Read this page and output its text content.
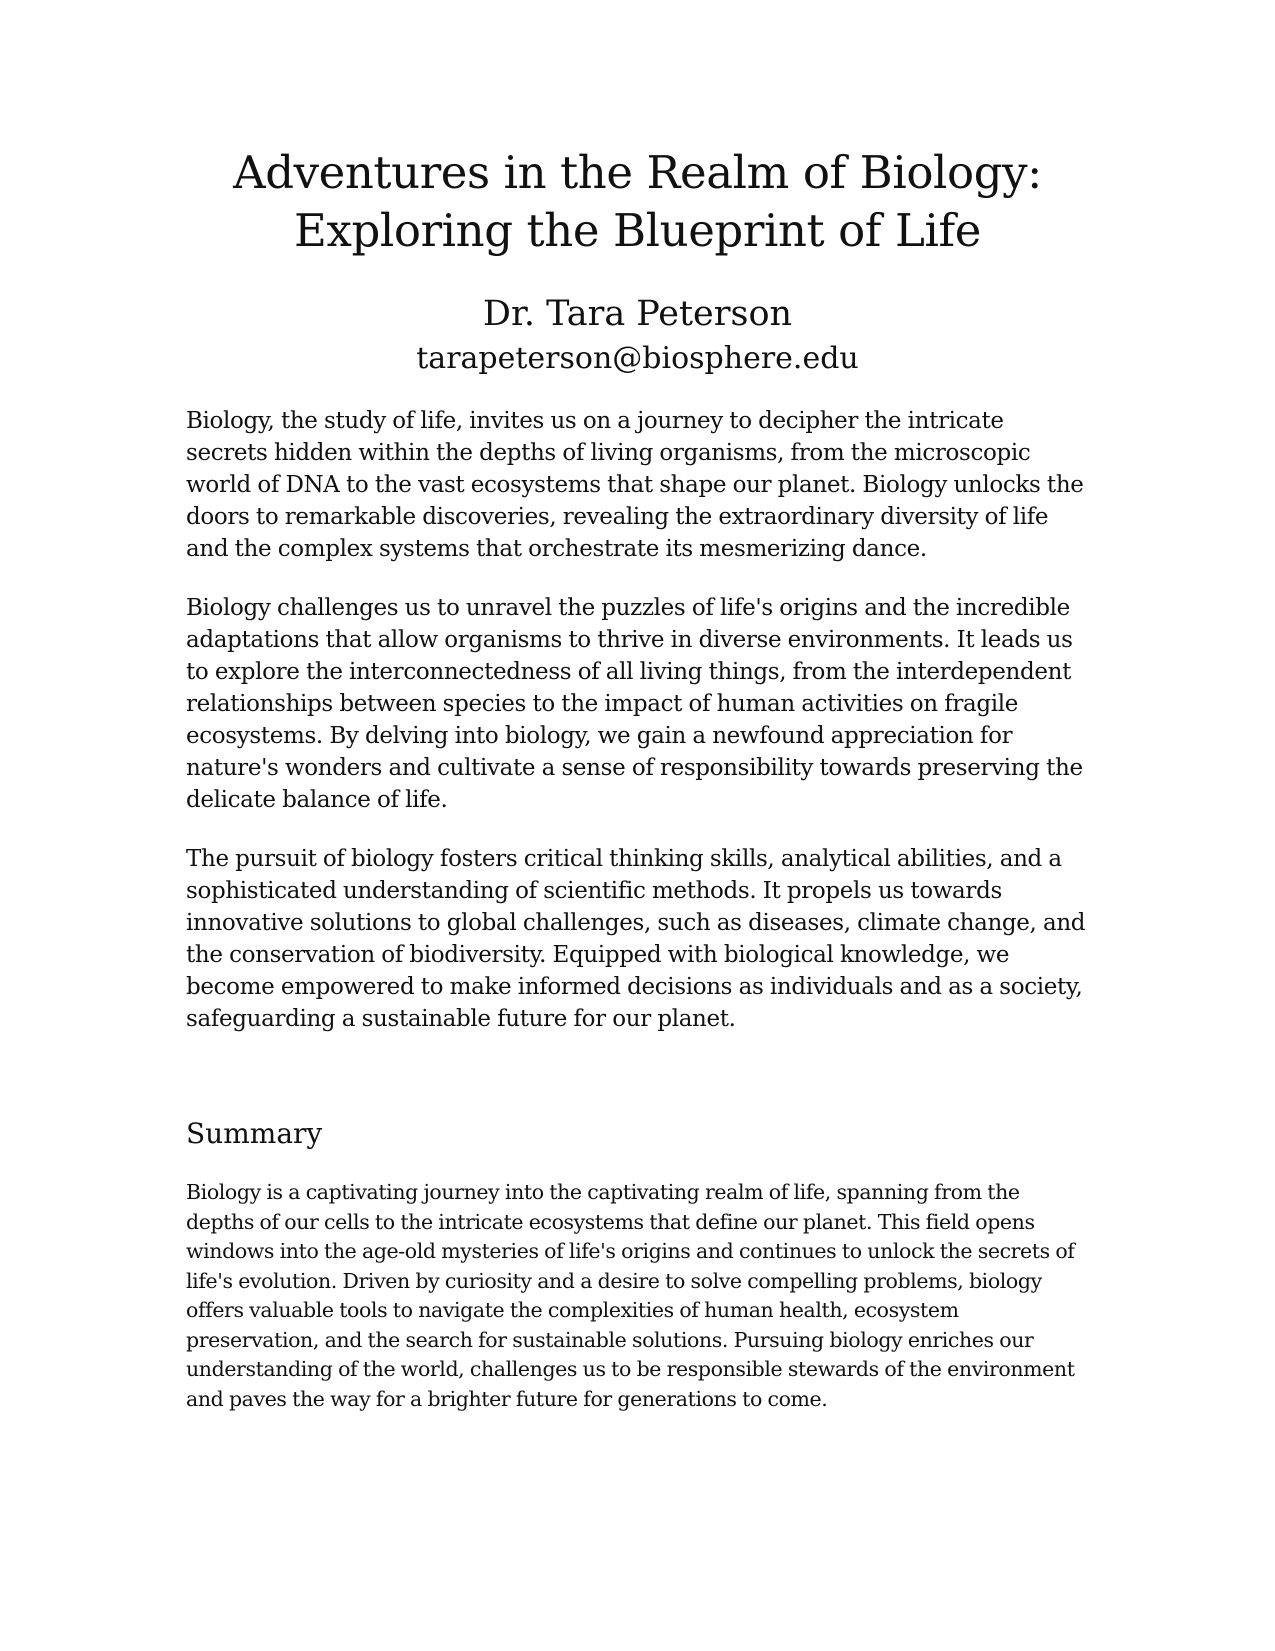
Adventures in the Realm of Biology:
Exploring the Blueprint of Life

Dr. Tara Peterson

tarapeterson@biosphere.edu

Biology, the study of life, invites us on a journey to decipher the intricate secrets hidden within the depths of living organisms, from the microscopic world of DNA to the vast ecosystems that shape our planet. Biology unlocks the doors to remarkable discoveries, revealing the extraordinary diversity of life and the complex systems that orchestrate its mesmerizing dance.

Biology challenges us to unravel the puzzles of life's origins and the incredible adaptations that allow organisms to thrive in diverse environments. It leads us to explore the interconnectedness of all living things, from the interdependent relationships between species to the impact of human activities on fragile ecosystems. By delving into biology, we gain a newfound appreciation for nature's wonders and cultivate a sense of responsibility towards preserving the delicate balance of life.

The pursuit of biology fosters critical thinking skills, analytical abilities, and a sophisticated understanding of scientific methods. It propels us towards innovative solutions to global challenges, such as diseases, climate change, and the conservation of biodiversity. Equipped with biological knowledge, we become empowered to make informed decisions as individuals and as a society, safeguarding a sustainable future for our planet.

Summary

Biology is a captivating journey into the captivating realm of life, spanning from the depths of our cells to the intricate ecosystems that define our planet. This field opens windows into the age-old mysteries of life's origins and continues to unlock the secrets of life's evolution. Driven by curiosity and a desire to solve compelling problems, biology offers valuable tools to navigate the complexities of human health, ecosystem preservation, and the search for sustainable solutions. Pursuing biology enriches our understanding of the world, challenges us to be responsible stewards of the environment and paves the way for a brighter future for generations to come.
